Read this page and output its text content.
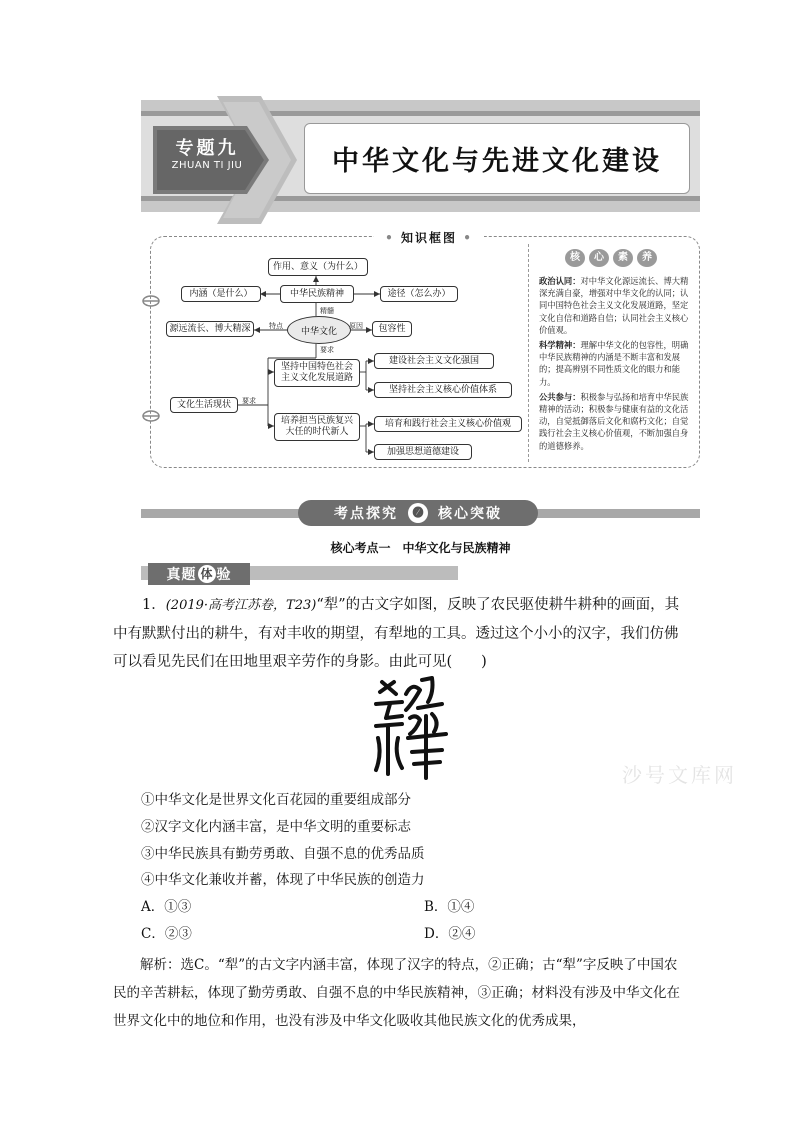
专题九
ZHUAN TI JIU	中华文化与先进文化建设
• 知识框图 •
作用、意义（为什么）
内涵（是什么）	中华民族精神	途径（怎么办）
源远流长、博大精深	中华文化	包容性
坚持中国特色社会主义文化发展道路
建设社会主义文化强国
坚持社会主义核心价值体系
文化生活现状
培养担当民族复兴大任的时代新人
培育和践行社会主义核心价值观
加强思想道德建设
精髓
特点	原因
要求
要求
核 心 素 养

政治认同：对中华文化源远流长、博大精深充满自豪，增强对中华文化的认同；认同中国特色社会主义文化发展道路，坚定文化自信和道路自信；认同社会主义核心价值观。

科学精神：理解中华文化的包容性，明确中华民族精神的内涵是不断丰富和发展的；提高辨别不同性质文化的眼力和能力。

公共参与：积极参与弘扬和培育中华民族精神的活动；积极参与健康有益的文化活动，自觉抵御落后文化和腐朽文化；自觉践行社会主义核心价值观，不断加强自身的道德修养。

考点探究	🅩	核心突破
核心考点一　中华文化与民族精神
真题 体 验
1．(2019·高考江苏卷，T23)“犁”的古文字如图，反映了农民驱使耕牛耕种的画面，其中有默默付出的耕牛，有对丰收的期望，有犁地的工具。透过这个小小的汉字，我们仿佛可以看见先民们在田地里艰辛劳作的身影。由此可见(　　)
沙号文库网
①中华文化是世界文化百花园的重要组成部分
②汉字文化内涵丰富，是中华文明的重要标志
③中华民族具有勤劳勇敢、自强不息的优秀品质
④中华文化兼收并蓄，体现了中华民族的创造力
A．①③	B．①④
C．②③	D．②④
解析：选C。“犁”的古文字内涵丰富，体现了汉字的特点，②正确；古“犁”字反映了中国农民的辛苦耕耘，体现了勤劳勇敢、自强不息的中华民族精神，③正确；材料没有涉及中华文化在世界文化中的地位和作用，也没有涉及中华文化吸收其他民族文化的优秀成果，
